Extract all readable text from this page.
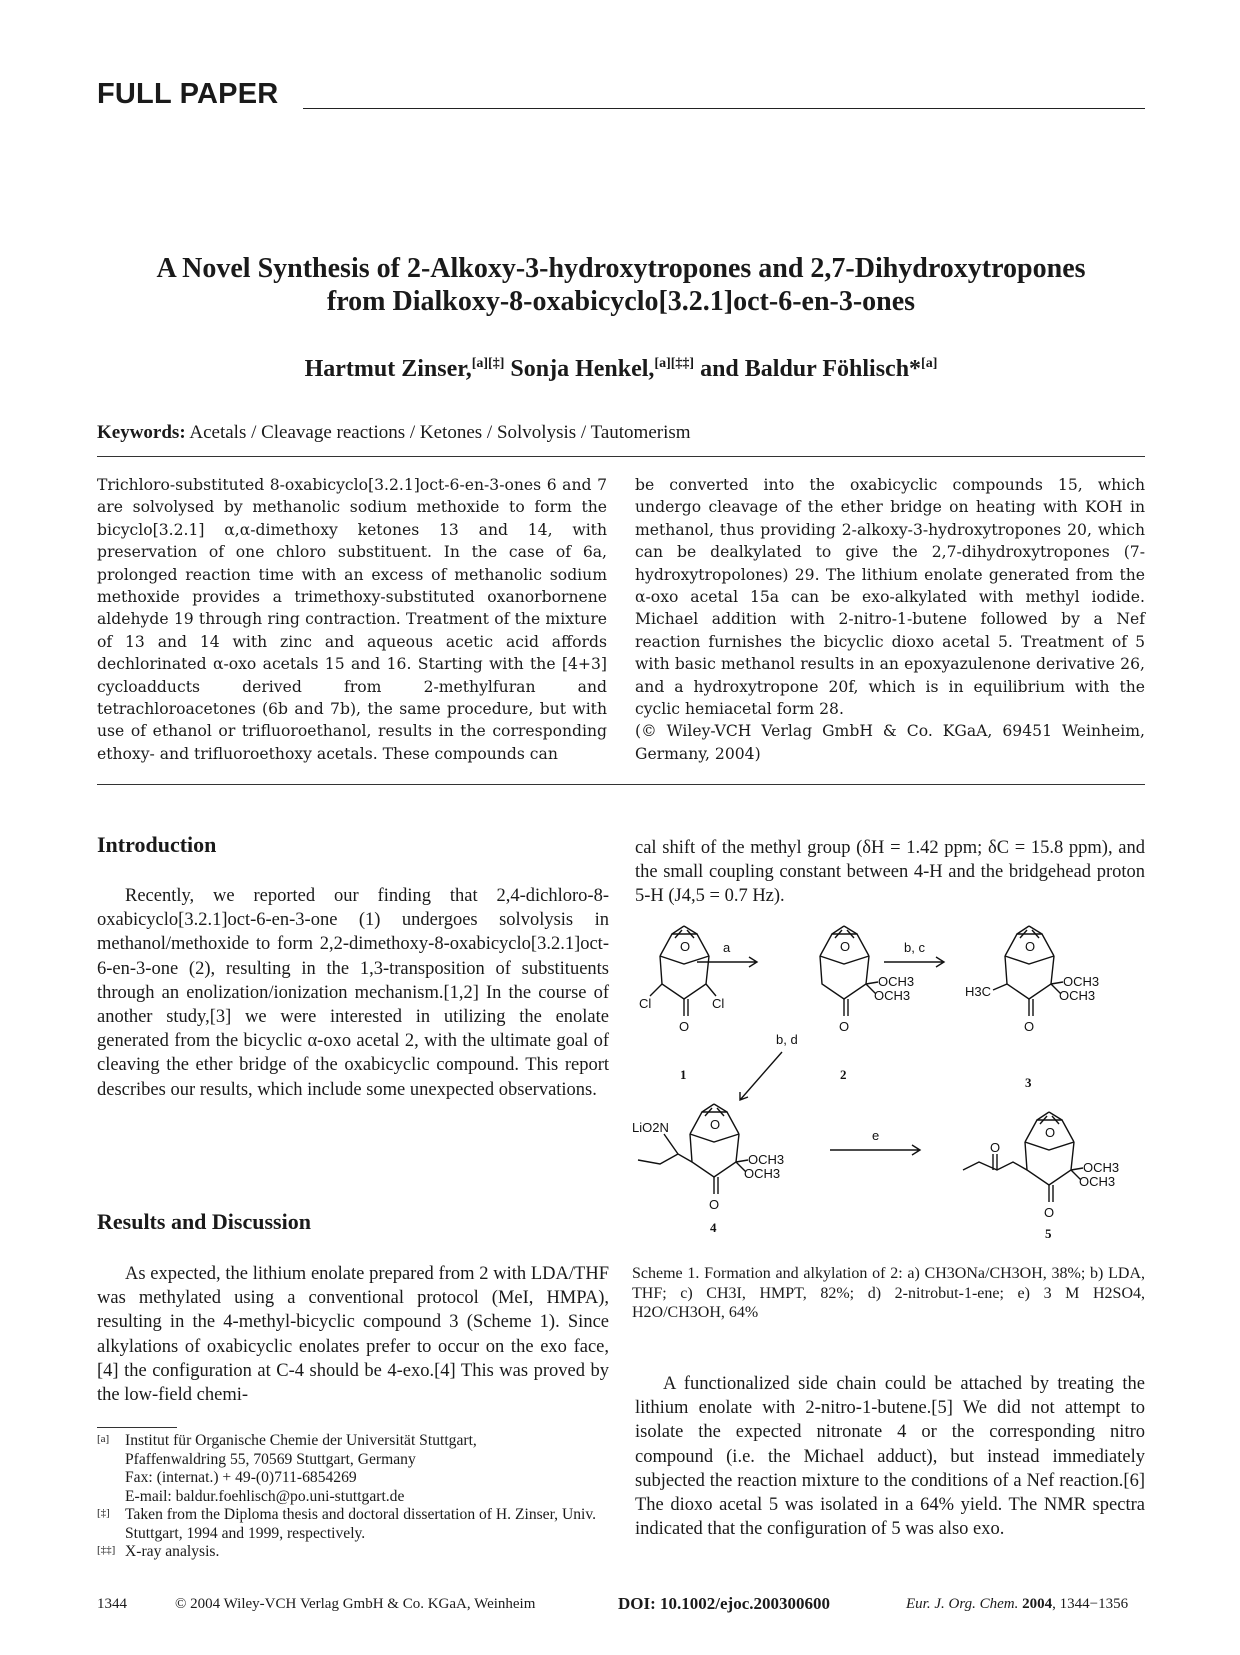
FULL PAPER
A Novel Synthesis of 2-Alkoxy-3-hydroxytropones and 2,7-Dihydroxytropones
from Dialkoxy-8-oxabicyclo[3.2.1]oct-6-en-3-ones
Hartmut Zinser,[a][‡] Sonja Henkel,[a][‡‡] and Baldur Föhlisch*[a]
Keywords: Acetals / Cleavage reactions / Ketones / Solvolysis / Tautomerism
Trichloro-substituted 8-oxabicyclo[3.2.1]oct-6-en-3-ones 6 and 7 are solvolysed by methanolic sodium methoxide to form the bicyclo[3.2.1] α,α-dimethoxy ketones 13 and 14, with preservation of one chloro substituent. In the case of 6a, prolonged reaction time with an excess of methanolic sodium methoxide provides a trimethoxy-substituted oxanorbornene aldehyde 19 through ring contraction. Treatment of the mixture of 13 and 14 with zinc and aqueous acetic acid affords dechlorinated α-oxo acetals 15 and 16. Starting with the [4+3] cycloadducts derived from 2-methylfuran and tetrachloroacetones (6b and 7b), the same procedure, but with use of ethanol or trifluoroethanol, results in the corresponding ethoxy- and trifluoroethoxy acetals. These compounds can
be converted into the oxabicyclic compounds 15, which undergo cleavage of the ether bridge on heating with KOH in methanol, thus providing 2-alkoxy-3-hydroxytropones 20, which can be dealkylated to give the 2,7-dihydroxytropones (7-hydroxytropolones) 29. The lithium enolate generated from the α-oxo acetal 15a can be exo-alkylated with methyl iodide. Michael addition with 2-nitro-1-butene followed by a Nef reaction furnishes the bicyclic dioxo acetal 5. Treatment of 5 with basic methanol results in an epoxyazulenone derivative 26, and a hydroxytropone 20f, which is in equilibrium with the cyclic hemiacetal form 28.
(© Wiley-VCH Verlag GmbH & Co. KGaA, 69451 Weinheim, Germany, 2004)
Introduction

Recently, we reported our finding that 2,4-dichloro-8-oxabicyclo[3.2.1]oct-6-en-3-one (1) undergoes solvolysis in methanol/methoxide to form 2,2-dimethoxy-8-oxabicyclo[3.2.1]oct-6-en-3-one (2), resulting in the 1,3-transposition of substituents through an enolization/ionization mechanism.[1,2] In the course of another study,[3] we were interested in utilizing the enolate generated from the bicyclic α-oxo acetal 2, with the ultimate goal of cleaving the ether bridge of the oxabicyclic compound. This report describes our results, which include some unexpected observations.

Results and Discussion

As expected, the lithium enolate prepared from 2 with LDA/THF was methylated using a conventional protocol (MeI, HMPA), resulting in the 4-methyl-bicyclic compound 3 (Scheme 1). Since alkylations of oxabicyclic enolates prefer to occur on the exo face,[4] the configuration at C-4 should be 4-exo.[4] This was proved by the low-field chemi-

cal shift of the methyl group (δH = 1.42 ppm; δC = 15.8 ppm), and the small coupling constant between 4-H and the bridgehead proton 5-H (J4,5 = 0.7 Hz).

O
Cl	Cl
O
1
a	O
O
OCH3
OCH3
2
b, c	O
H3C
O
OCH3
OCH3
3
b, d
O
LiO2N
O
OCH3
OCH3
4
e	O
O
O
OCH3
OCH3
5
Scheme 1. Formation and alkylation of 2: a) CH3ONa/CH3OH, 38%; b) LDA, THF; c) CH3I, HMPT, 82%; d) 2-nitrobut-1-ene; e) 3 M H2SO4, H2O/CH3OH, 64%

A functionalized side chain could be attached by treating the lithium enolate with 2-nitro-1-butene.[5] We did not attempt to isolate the expected nitronate 4 or the corresponding nitro compound (i.e. the Michael adduct), but instead immediately subjected the reaction mixture to the conditions of a Nef reaction.[6] The dioxo acetal 5 was isolated in a 64% yield. The NMR spectra indicated that the configuration of 5 was also exo.

[a]	Institut für Organische Chemie der Universität Stuttgart,
Pfaffenwaldring 55, 70569 Stuttgart, Germany
Fax: (internat.) + 49-(0)711-6854269
E-mail: baldur.foehlisch@po.uni-stuttgart.de
[‡] Taken from the Diploma thesis and doctoral dissertation of H. Zinser, Univ. Stuttgart, 1994 and 1999, respectively.
[‡‡] X-ray analysis.
1344	© 2004 Wiley-VCH Verlag GmbH & Co. KGaA, Weinheim	DOI: 10.1002/ejoc.200300600	Eur. J. Org. Chem. 2004, 1344−1356
